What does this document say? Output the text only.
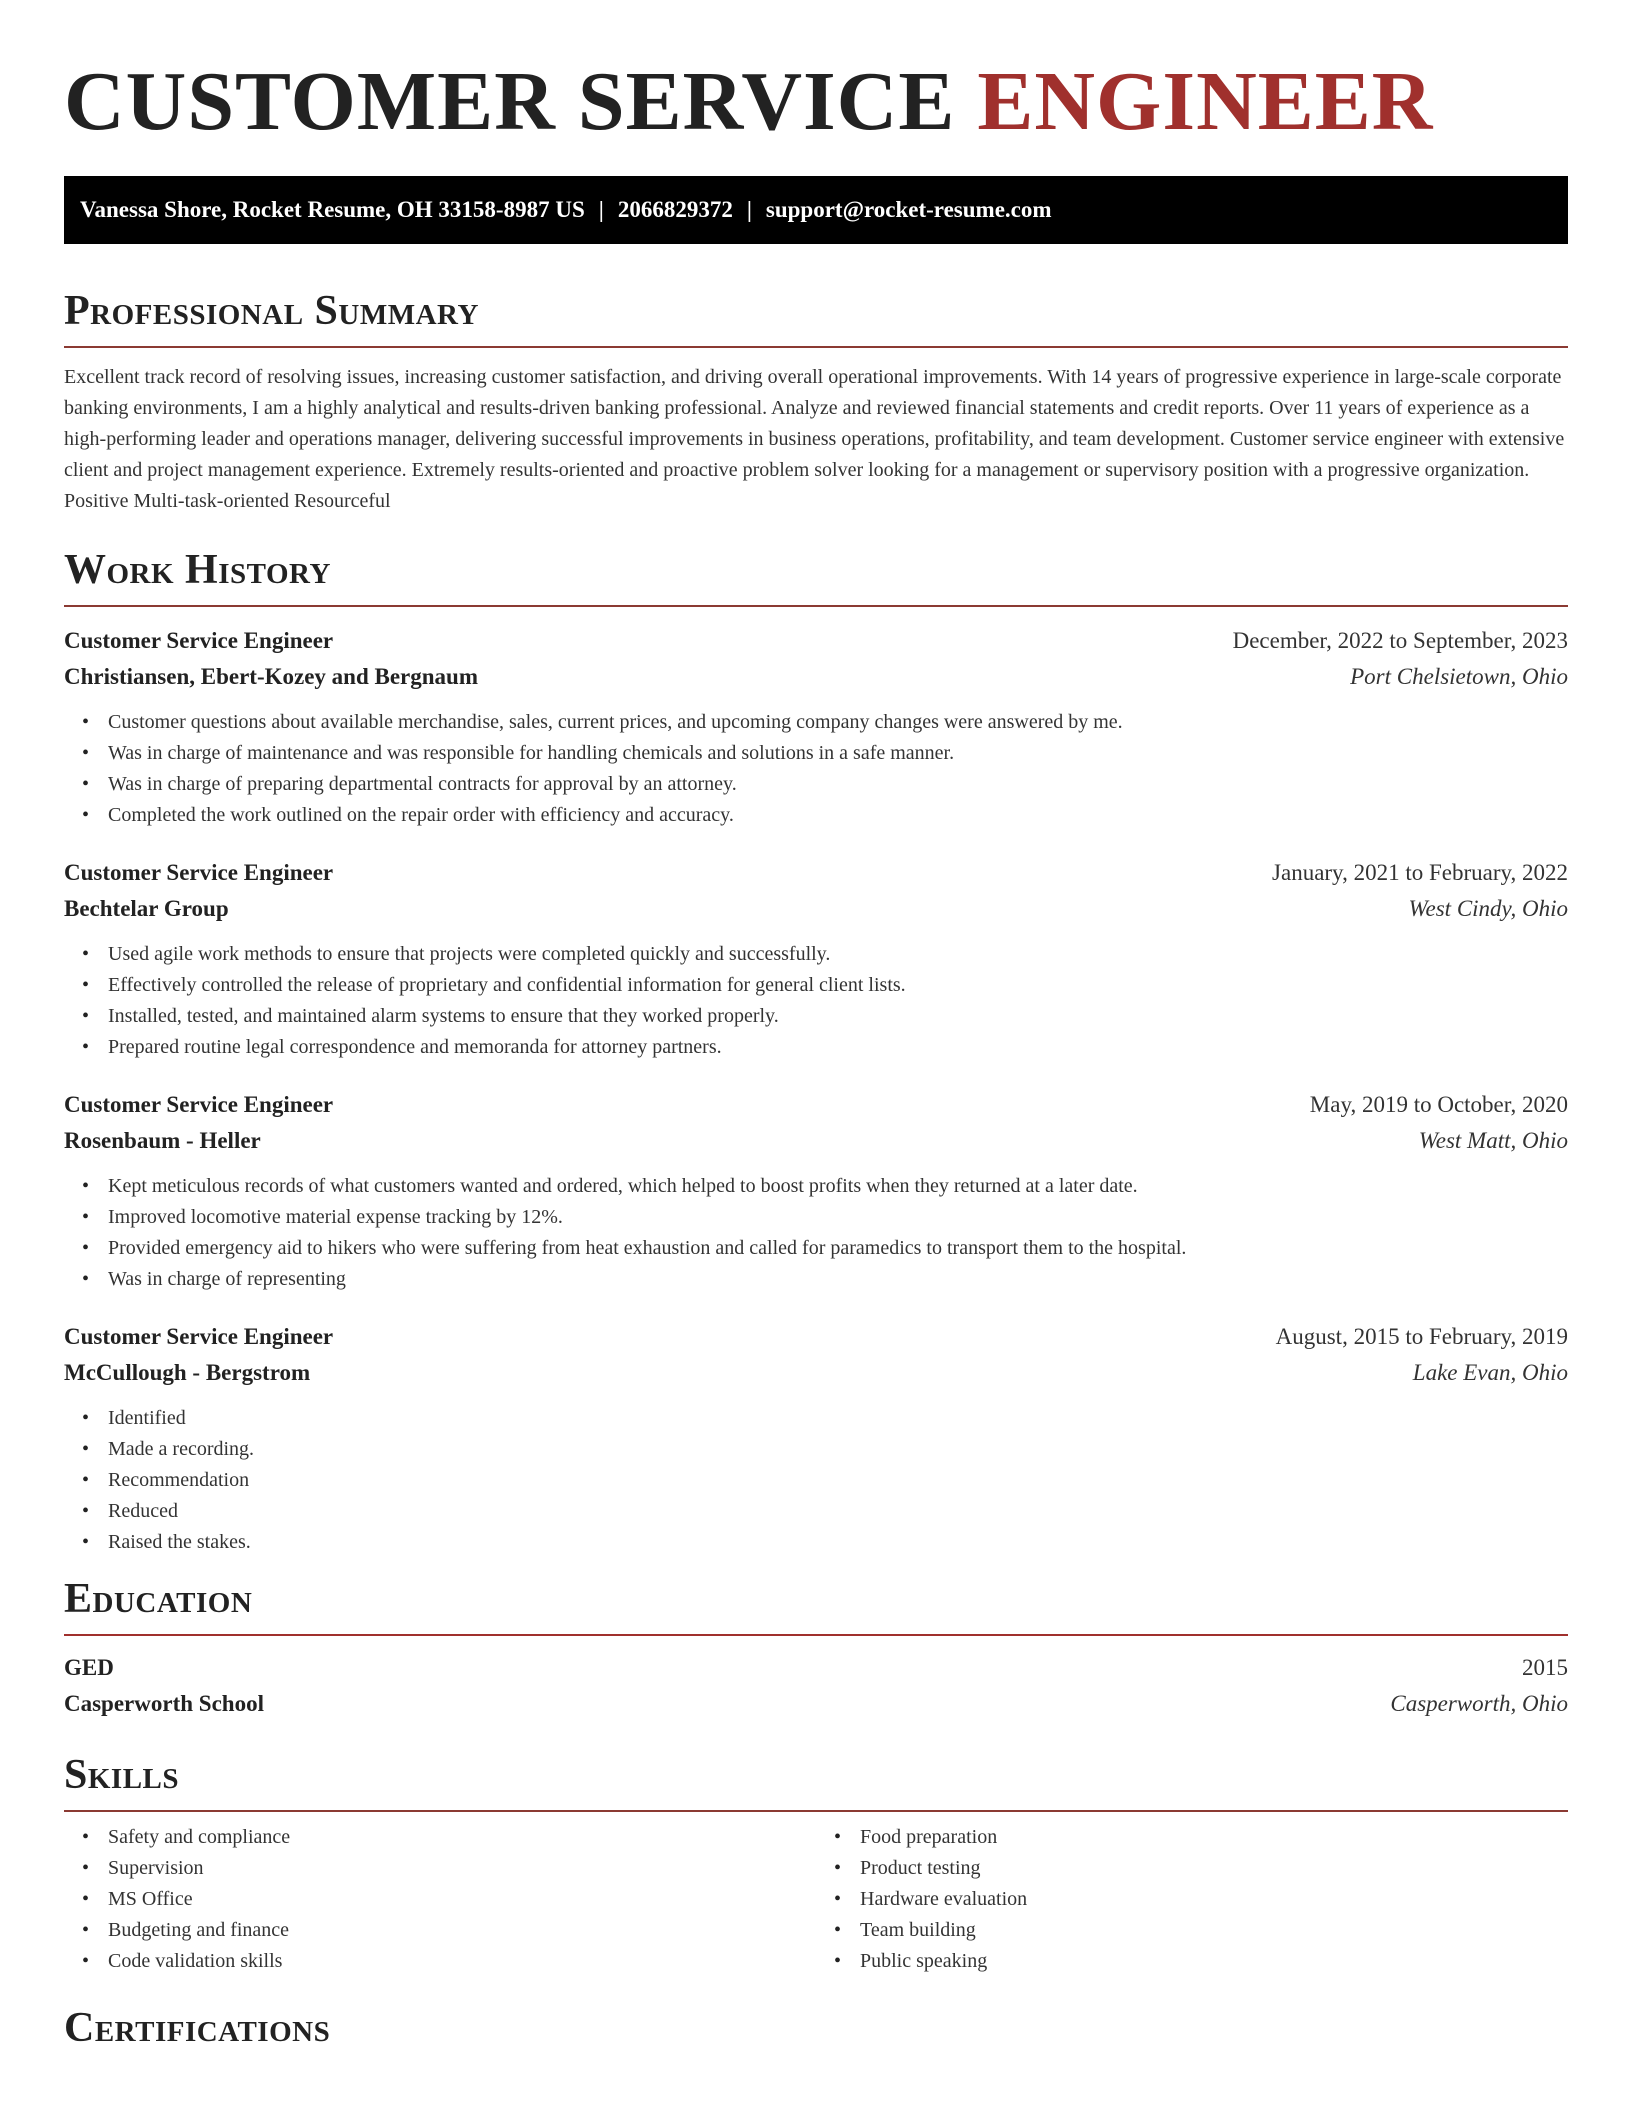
CUSTOMER SERVICE ENGINEER
Vanessa Shore, Rocket Resume, OH 33158-8987 US | 2066829372 | support@rocket-resume.com
Professional Summary

Excellent track record of resolving issues, increasing customer satisfaction, and driving overall operational improvements. With 14 years of progressive experience in large-scale corporate banking environments, I am a highly analytical and results-driven banking professional. Analyze and reviewed financial statements and credit reports. Over 11 years of experience as a high-performing leader and operations manager, delivering successful improvements in business operations, profitability, and team development. Customer service engineer with extensive client and project management experience. Extremely results-oriented and proactive problem solver looking for a management or supervisory position with a progressive organization. Positive Multi-task-oriented Resourceful

Work History
Customer Service Engineer	December, 2022 to September, 2023
Christiansen, Ebert-Kozey and Bergnaum	Port Chelsietown, Ohio
• Customer questions about available merchandise, sales, current prices, and upcoming company changes were answered by me.
• Was in charge of maintenance and was responsible for handling chemicals and solutions in a safe manner.
• Was in charge of preparing departmental contracts for approval by an attorney.
• Completed the work outlined on the repair order with efficiency and accuracy.
Customer Service Engineer	January, 2021 to February, 2022
Bechtelar Group	West Cindy, Ohio
• Used agile work methods to ensure that projects were completed quickly and successfully.
• Effectively controlled the release of proprietary and confidential information for general client lists.
• Installed, tested, and maintained alarm systems to ensure that they worked properly.
• Prepared routine legal correspondence and memoranda for attorney partners.
Customer Service Engineer	May, 2019 to October, 2020
Rosenbaum - Heller	West Matt, Ohio
• Kept meticulous records of what customers wanted and ordered, which helped to boost profits when they returned at a later date.
• Improved locomotive material expense tracking by 12%.
• Provided emergency aid to hikers who were suffering from heat exhaustion and called for paramedics to transport them to the hospital.
• Was in charge of representing
Customer Service Engineer	August, 2015 to February, 2019
McCullough - Bergstrom	Lake Evan, Ohio
• Identified
• Made a recording.
• Recommendation
• Reduced
• Raised the stakes.
Education
GED	2015
Casperworth School	Casperworth, Ohio
Skills
• Safety and compliance
• Supervision
• MS Office
• Budgeting and finance
• Code validation skills
• Food preparation
• Product testing
• Hardware evaluation
• Team building
• Public speaking
Certifications
